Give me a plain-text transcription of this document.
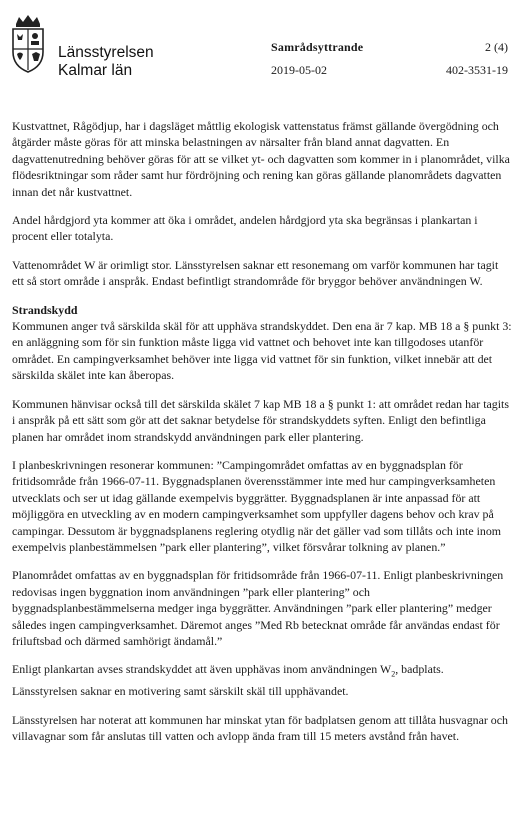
Länsstyrelsen
Kalmar län
Samrådsyttrande
2019-05-02
2 (4)
402-3531-19

Kustvattnet, Rågödjup, har i dagsläget måttlig ekologisk vattenstatus främst gällande övergödning och åtgärder måste göras för att minska belastningen av närsalter från bland annat dagvatten. En dagvattenutredning behöver göras för att se vilket yt- och dagvatten som kommer in i planområdet, vilka flödesriktningar som råder samt hur fördröjning och rening kan göras gällande planområdets dagvatten innan det når kustvattnet.

Andel hårdgjord yta kommer att öka i området, andelen hårdgjord yta ska begränsas i plankartan i procent eller totalyta.

Vattenområdet W är orimligt stor. Länsstyrelsen saknar ett resonemang om varför kommunen har tagit ett så stort område i anspråk. Endast befintligt strandområde för bryggor behöver användningen W.

Strandskydd

Kommunen anger två särskilda skäl för att upphäva strandskyddet. Den ena är 7 kap. MB 18 a § punkt 3: en anläggning som för sin funktion måste ligga vid vattnet och behovet inte kan tillgodoses utanför området. En campingverksamhet behöver inte ligga vid vattnet för sin funktion, vilket innebär att det särskilda skälet inte kan åberopas.

Kommunen hänvisar också till det särskilda skälet 7 kap MB 18 a § punkt 1: att området redan har tagits i anspråk på ett sätt som gör att det saknar betydelse för strandskyddets syften. Enligt den befintliga planen har området inom strandskydd användningen park eller plantering.

I planbeskrivningen resonerar kommunen: ”Campingområdet omfattas av en byggnadsplan för fritidsområde från 1966-07-11. Byggnadsplanen överensstämmer inte med hur campingverksamheten utvecklats och ser ut idag gällande exempelvis byggrätter. Byggnadsplanen är inte anpassad för att möjliggöra en utveckling av en modern campingverksamhet som uppfyller dagens behov och krav på campingar. Dessutom är byggnadsplanens reglering otydlig när det gäller vad som tillåts och inte inom exempelvis planbestämmelsen ”park eller plantering”, vilket försvårar tolkning av planen.”

Planområdet omfattas av en byggnadsplan för fritidsområde från 1966-07-11. Enligt planbeskrivningen redovisas ingen byggnation inom användningen ”park eller plantering” och byggnadsplanbestämmelserna medger inga byggrätter. Användningen ”park eller plantering” medger således ingen campingverksamhet. Däremot anges ”Med Rb betecknat område får användas endast för friluftsbad och därmed samhörigt ändamål.”

Enligt plankartan avses strandskyddet att även upphävas inom användningen $W_2$, badplats. Länsstyrelsen saknar en motivering samt särskilt skäl till upphävandet.

Länsstyrelsen har noterat att kommunen har minskat ytan för badplatsen genom att tillåta husvagnar och villavagnar som får anslutas till vatten och avlopp ända fram till 15 meters avstånd från havet.
